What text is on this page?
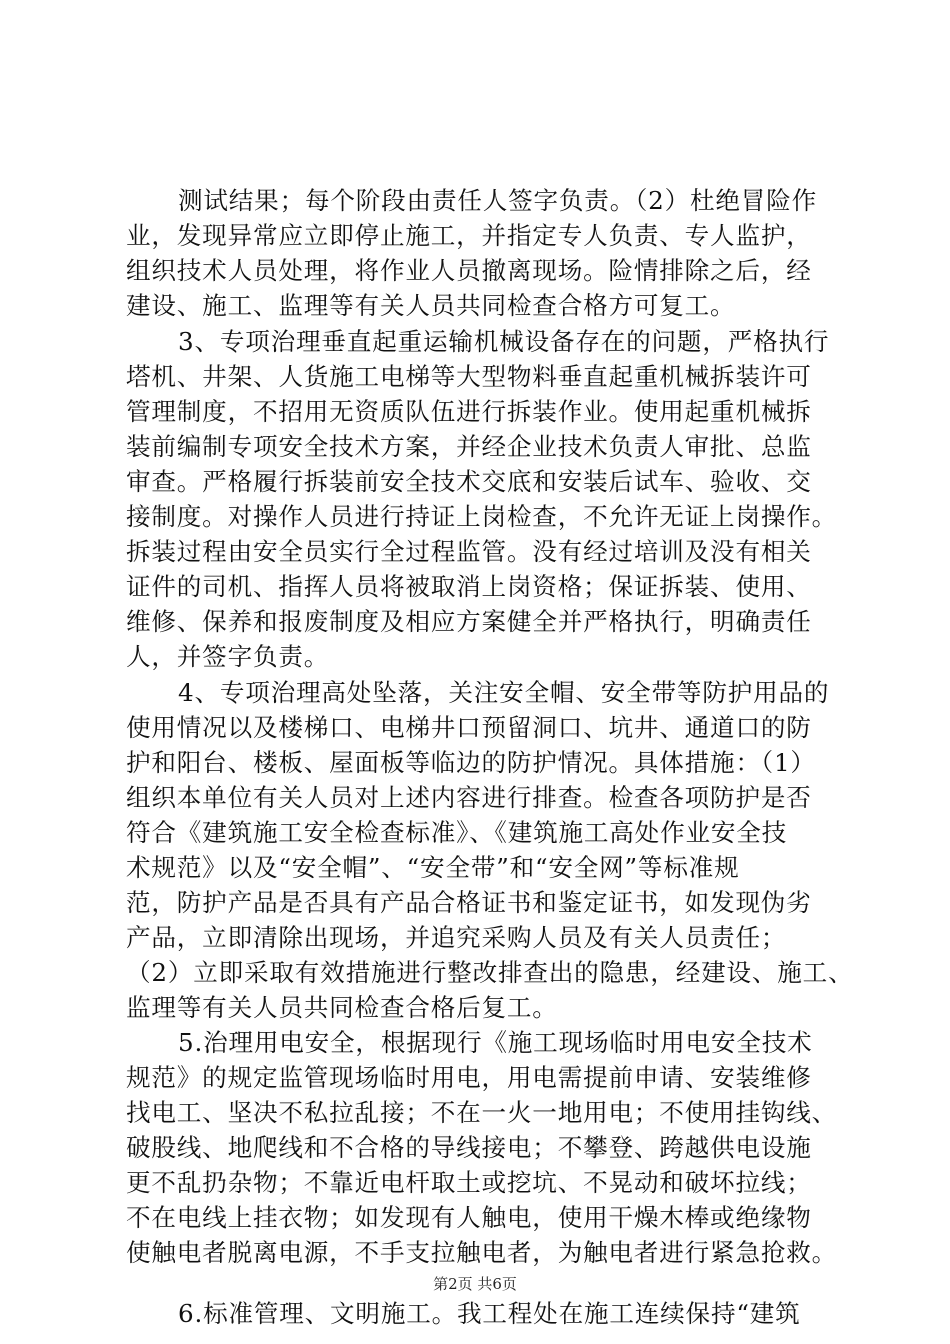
测试结果；每个阶段由责任人签字负责。（2）杜绝冒险作
业，发现异常应立即停止施工，并指定专人负责、专人监护，
组织技术人员处理，将作业人员撤离现场。险情排除之后，经
建设、施工、监理等有关人员共同检查合格方可复工。
3、专项治理垂直起重运输机械设备存在的问题，严格执行
塔机、井架、人货施工电梯等大型物料垂直起重机械拆装许可
管理制度，不招用无资质队伍进行拆装作业。使用起重机械拆
装前编制专项安全技术方案，并经企业技术负责人审批、总监
审查。严格履行拆装前安全技术交底和安装后试车、验收、交
接制度。对操作人员进行持证上岗检查，不允许无证上岗操作。
拆装过程由安全员实行全过程监管。没有经过培训及没有相关
证件的司机、指挥人员将被取消上岗资格；保证拆装、使用、
维修、保养和报废制度及相应方案健全并严格执行，明确责任
人，并签字负责。
4、专项治理高处坠落，关注安全帽、安全带等防护用品的
使用情况以及楼梯口、电梯井口预留洞口、坑井、通道口的防
护和阳台、楼板、屋面板等临边的防护情况。具体措施：（1）
组织本单位有关人员对上述内容进行排查。检查各项防护是否
符合《建筑施工安全检查标准》、《建筑施工高处作业安全技
术规范》以及“安全帽”、“安全带”和“安全网”等标准规
范，防护产品是否具有产品合格证书和鉴定证书，如发现伪劣
产品，立即清除出现场，并追究采购人员及有关人员责任；
（2）立即采取有效措施进行整改排查出的隐患，经建设、施工、
监理等有关人员共同检查合格后复工。
5.治理用电安全，根据现行《施工现场临时用电安全技术
规范》的规定监管现场临时用电，用电需提前申请、安装维修
找电工、坚决不私拉乱接；不在一火一地用电；不使用挂钩线、
破股线、地爬线和不合格的导线接电；不攀登、跨越供电设施
更不乱扔杂物；不靠近电杆取土或挖坑、不晃动和破坏拉线；
不在电线上挂衣物；如发现有人触电，使用干燥木棒或绝缘物
使触电者脱离电源，不手支拉触电者，为触电者进行紧急抢救。
6.标准管理、文明施工。我工程处在施工连续保持“建筑
第2页 共6页
